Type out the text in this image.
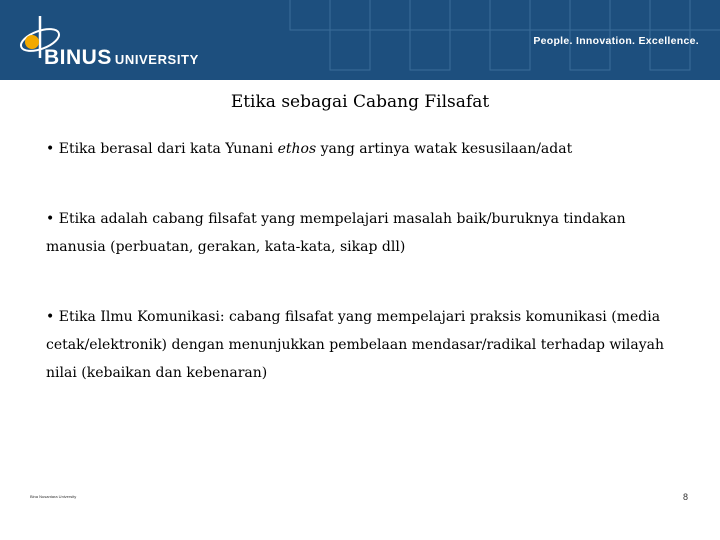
BINUS UNIVERSITY
People. Innovation. Excellence.
Etika sebagai Cabang Filsafat
• Etika berasal dari kata Yunani ethos yang artinya watak kesusilaan/adat
• Etika adalah cabang filsafat yang mempelajari masalah baik/buruknya tindakan manusia (perbuatan, gerakan, kata-kata, sikap dll)
• Etika Ilmu Komunikasi: cabang filsafat yang mempelajari praksis komunikasi (media cetak/elektronik) dengan menunjukkan pembelaan mendasar/radikal terhadap wilayah nilai (kebaikan dan kebenaran)
Bina Nusantara University	8
